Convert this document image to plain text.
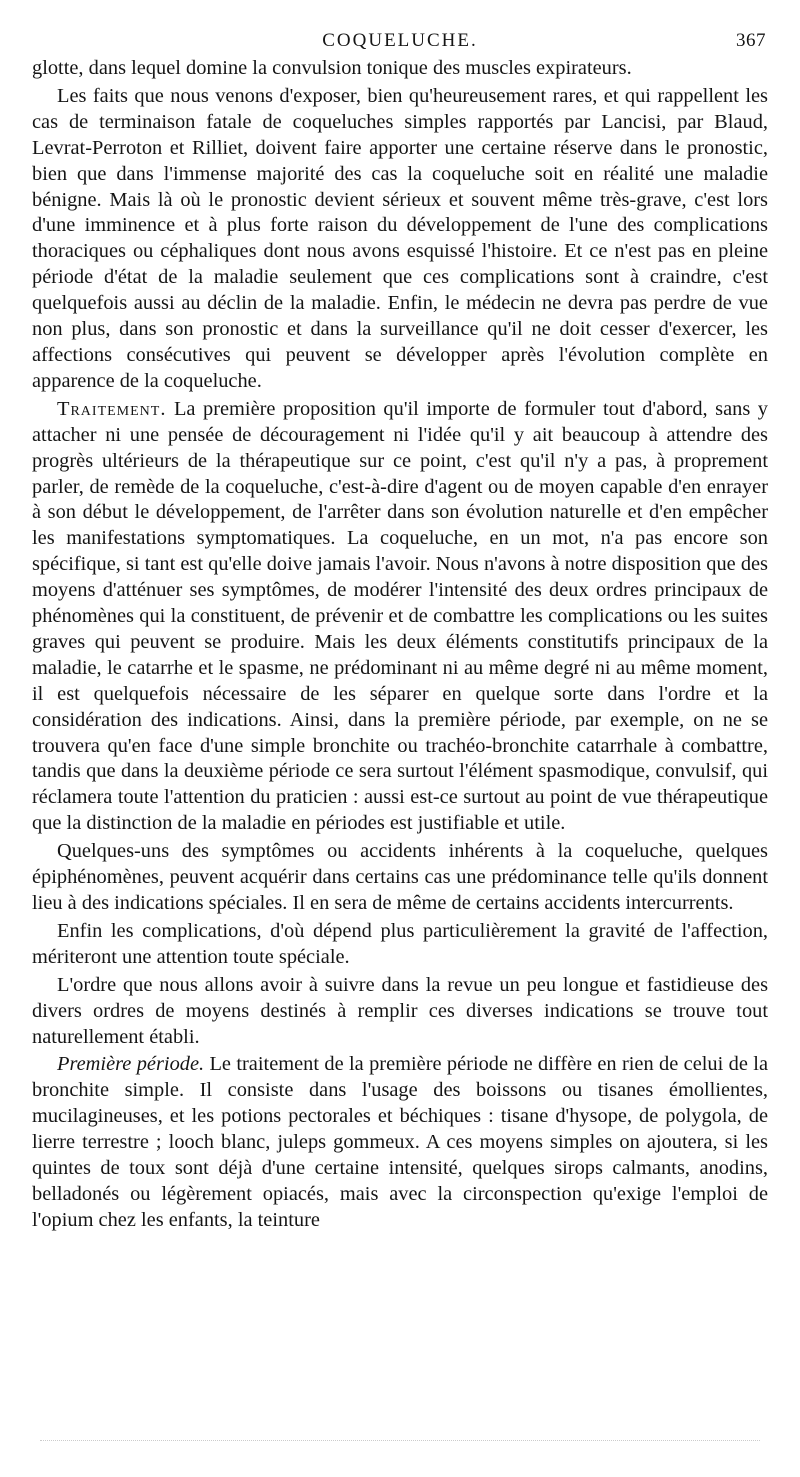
COQUELUCHE.	367

glotte, dans lequel domine la convulsion tonique des muscles expirateurs.

Les faits que nous venons d'exposer, bien qu'heureusement rares, et qui rappellent les cas de terminaison fatale de coqueluches simples rapportés par Lancisi, par Blaud, Levrat-Perroton et Rilliet, doivent faire apporter une certaine réserve dans le pronostic, bien que dans l'immense majorité des cas la coqueluche soit en réalité une maladie bénigne. Mais là où le pronostic devient sérieux et souvent même très-grave, c'est lors d'une imminence et à plus forte raison du développement de l'une des complications thoraciques ou céphaliques dont nous avons esquissé l'histoire. Et ce n'est pas en pleine période d'état de la maladie seulement que ces complications sont à craindre, c'est quelquefois aussi au déclin de la maladie. Enfin, le médecin ne devra pas perdre de vue non plus, dans son pronostic et dans la surveillance qu'il ne doit cesser d'exercer, les affections consécutives qui peuvent se développer après l'évolution complète en apparence de la coqueluche.

Traitement. La première proposition qu'il importe de formuler tout d'abord, sans y attacher ni une pensée de découragement ni l'idée qu'il y ait beaucoup à attendre des progrès ultérieurs de la thérapeutique sur ce point, c'est qu'il n'y a pas, à proprement parler, de remède de la coqueluche, c'est-à-dire d'agent ou de moyen capable d'en enrayer à son début le développement, de l'arrêter dans son évolution naturelle et d'en empêcher les manifestations symptomatiques. La coqueluche, en un mot, n'a pas encore son spécifique, si tant est qu'elle doive jamais l'avoir. Nous n'avons à notre disposition que des moyens d'atténuer ses symptômes, de modérer l'intensité des deux ordres principaux de phénomènes qui la constituent, de prévenir et de combattre les complications ou les suites graves qui peuvent se produire. Mais les deux éléments constitutifs principaux de la maladie, le catarrhe et le spasme, ne prédominant ni au même degré ni au même moment, il est quelquefois nécessaire de les séparer en quelque sorte dans l'ordre et la considération des indications. Ainsi, dans la première période, par exemple, on ne se trouvera qu'en face d'une simple bronchite ou trachéo-bronchite catarrhale à combattre, tandis que dans la deuxième période ce sera surtout l'élément spasmodique, convulsif, qui réclamera toute l'attention du praticien : aussi est-ce surtout au point de vue thérapeutique que la distinction de la maladie en périodes est justifiable et utile.

Quelques-uns des symptômes ou accidents inhérents à la coqueluche, quelques épiphénomènes, peuvent acquérir dans certains cas une prédominance telle qu'ils donnent lieu à des indications spéciales. Il en sera de même de certains accidents intercurrents.

Enfin les complications, d'où dépend plus particulièrement la gravité de l'affection, mériteront une attention toute spéciale.

L'ordre que nous allons avoir à suivre dans la revue un peu longue et fastidieuse des divers ordres de moyens destinés à remplir ces diverses indications se trouve tout naturellement établi.

Première période. Le traitement de la première période ne diffère en rien de celui de la bronchite simple. Il consiste dans l'usage des boissons ou tisanes émollientes, mucilagineuses, et les potions pectorales et béchiques : tisane d'hysope, de polygola, de lierre terrestre ; looch blanc, juleps gommeux. A ces moyens simples on ajoutera, si les quintes de toux sont déjà d'une certaine intensité, quelques sirops calmants, anodins, belladonés ou légèrement opiacés, mais avec la circonspection qu'exige l'emploi de l'opium chez les enfants, la teinture
